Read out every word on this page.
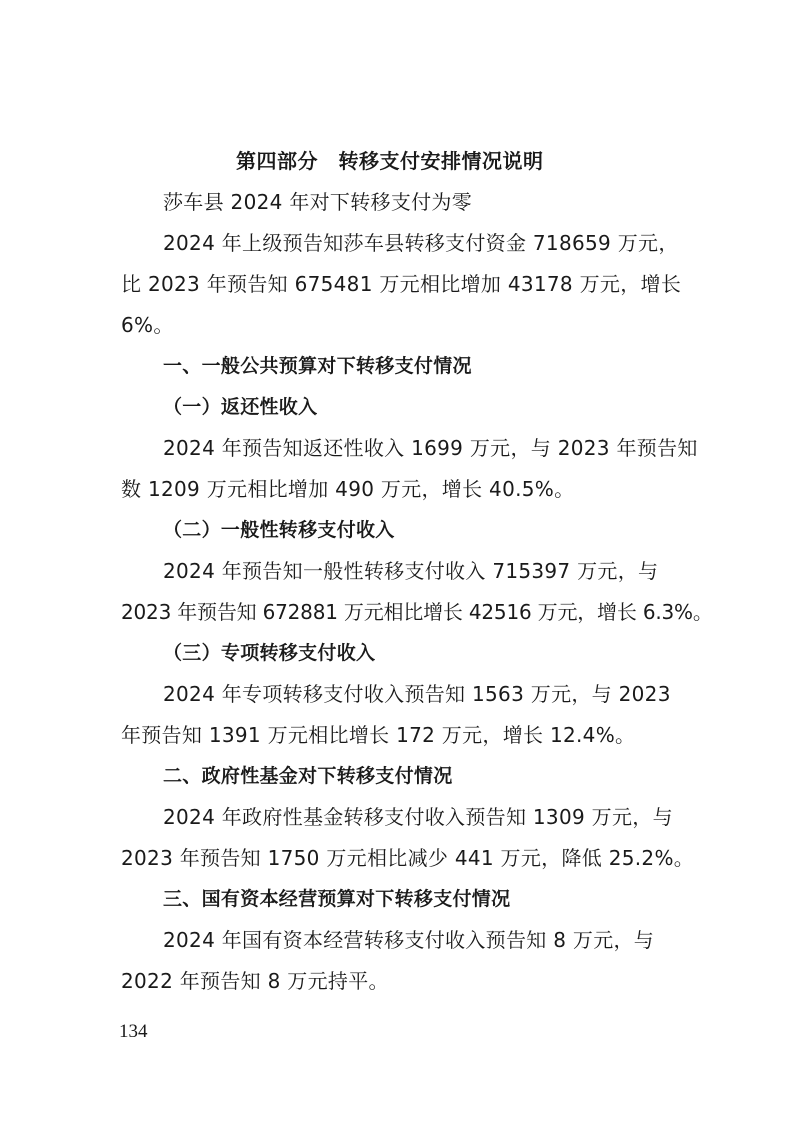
第四部分　转移支付安排情况说明
莎车县 2024 年对下转移支付为零
2024 年上级预告知莎车县转移支付资金 718659 万元，
比 2023 年预告知 675481 万元相比增加 43178 万元，增长
6%。
一、一般公共预算对下转移支付情况
（一）返还性收入
2024 年预告知返还性收入 1699 万元，与 2023 年预告知
数 1209 万元相比增加 490 万元，增长 40.5%。
（二）一般性转移支付收入
2024 年预告知一般性转移支付收入 715397 万元，与
2023 年预告知 672881 万元相比增长 42516 万元，增长 6.3%。
（三）专项转移支付收入
2024 年专项转移支付收入预告知 1563 万元，与 2023
年预告知 1391 万元相比增长 172 万元，增长 12.4%。
二、政府性基金对下转移支付情况
2024 年政府性基金转移支付收入预告知 1309 万元，与
2023 年预告知 1750 万元相比减少 441 万元，降低 25.2%。
三、国有资本经营预算对下转移支付情况
2024 年国有资本经营转移支付收入预告知 8 万元，与
2022 年预告知 8 万元持平。
134
